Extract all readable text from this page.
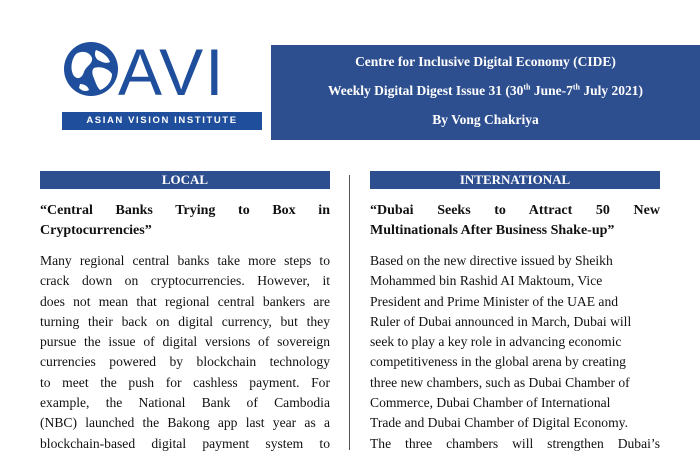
AVI
ASIAN VISION INSTITUTE
Centre for Inclusive Digital Economy (CIDE)
Weekly Digital Digest Issue 31 (30th June-7th July 2021)
By Vong Chakriya
LOCAL	INTERNATIONAL
“Central Banks Trying to Box in
Cryptocurrencies”
Many regional central banks take more steps to
crack down on cryptocurrencies. However, it
does not mean that regional central bankers are
turning their back on digital currency, but they
pursue the issue of digital versions of sovereign
currencies powered by blockchain technology
to meet the push for cashless payment. For
example, the National Bank of Cambodia
(NBC) launched the Bakong app last year as a
blockchain-based digital payment system to
“Dubai Seeks to Attract 50 New
Multinationals After Business Shake-up”
Based on the new directive issued by Sheikh
Mohammed bin Rashid AI Maktoum, Vice
President and Prime Minister of the UAE and
Ruler of Dubai announced in March, Dubai will
seek to play a key role in advancing economic
competitiveness in the global arena by creating
three new chambers, such as Dubai Chamber of
Commerce, Dubai Chamber of International
Trade and Dubai Chamber of Digital Economy.
The three chambers will strengthen Dubai’s
